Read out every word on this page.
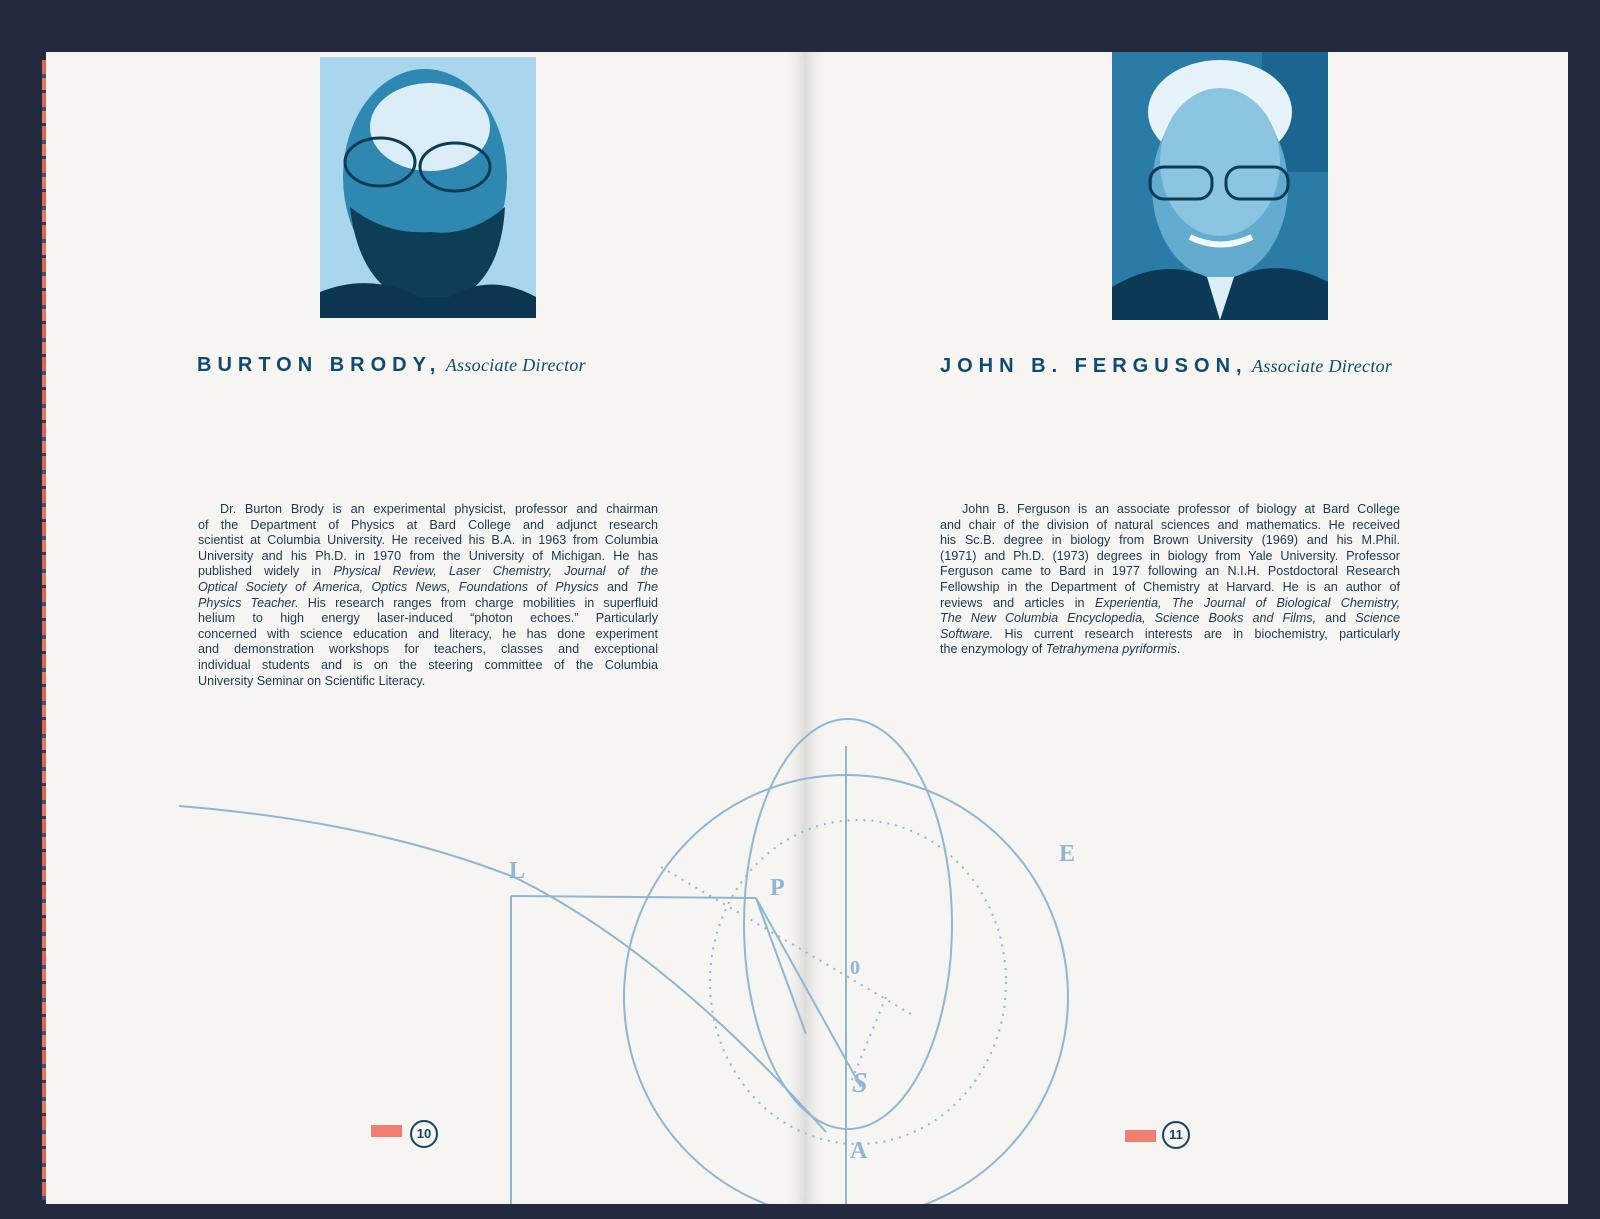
BURTON BRODY, Associate Director
Dr. Burton Brody is an experimental physicist, professor and chairman
of the Department of Physics at Bard College and adjunct research
scientist at Columbia University. He received his B.A. in 1963 from Columbia
University and his Ph.D. in 1970 from the University of Michigan. He has
published widely in Physical Review, Laser Chemistry, Journal of the
Optical Society of America, Optics News, Foundations of Physics and The
Physics Teacher. His research ranges from charge mobilities in superfluid
helium to high energy laser-induced “photon echoes.” Particularly
concerned with science education and literacy, he has done experiment
and demonstration workshops for teachers, classes and exceptional
individual students and is on the steering committee of the Columbia
University Seminar on Scientific Literacy.
10
JOHN B. FERGUSON, Associate Director
John B. Ferguson is an associate professor of biology at Bard College
and chair of the division of natural sciences and mathematics. He received
his Sc.B. degree in biology from Brown University (1969) and his M.Phil.
(1971) and Ph.D. (1973) degrees in biology from Yale University. Professor
Ferguson came to Bard in 1977 following an N.I.H. Postdoctoral Research
Fellowship in the Department of Chemistry at Harvard. He is an author of
reviews and articles in Experientia, The Journal of Biological Chemistry,
The New Columbia Encyclopedia, Science Books and Films, and Science
Software. His current research interests are in biochemistry, particularly
the enzymology of Tetrahymena pyriformis.
11
L
P
0
S
A
E
